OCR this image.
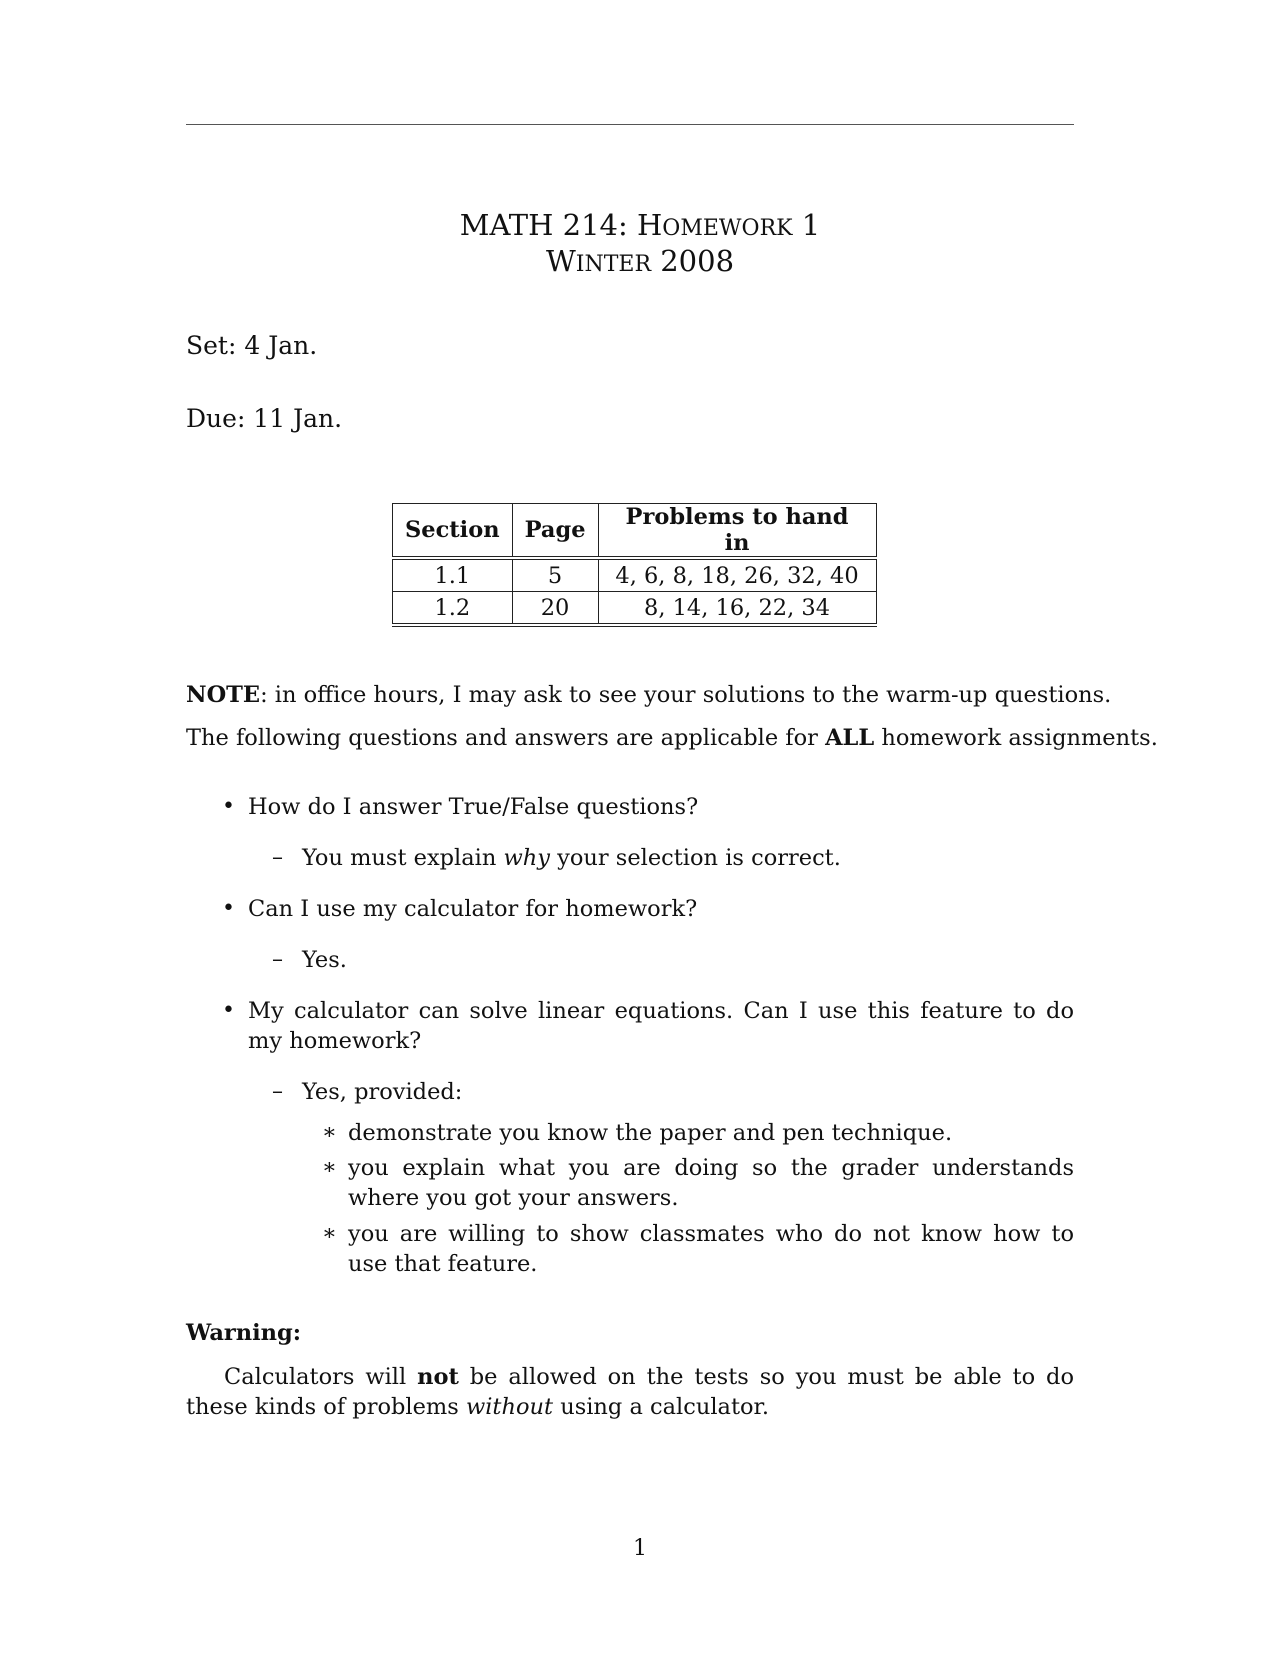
MATH 214: HOMEWORK 1
WINTER 2008
Set: 4 Jan.
Due: 11 Jan.
Section	Page	Problems to hand in
1.1	5	4, 6, 8, 18, 26, 32, 40
1.2	20	8, 14, 16, 22, 34
NOTE: in office hours, I may ask to see your solutions to the warm-up questions.
The following questions and answers are applicable for ALL homework assignments.
• How do I answer True/False questions?
– You must explain why your selection is correct.
• Can I use my calculator for homework?
– Yes.
• My calculator can solve linear equations. Can I use this feature to do my homework?
– Yes, provided:
∗ demonstrate you know the paper and pen technique.
∗ you explain what you are doing so the grader understands where you got your answers.
∗ you are willing to show classmates who do not know how to use that feature.
Warning:
Calculators will not be allowed on the tests so you must be able to do these kinds of problems without using a calculator.
1
